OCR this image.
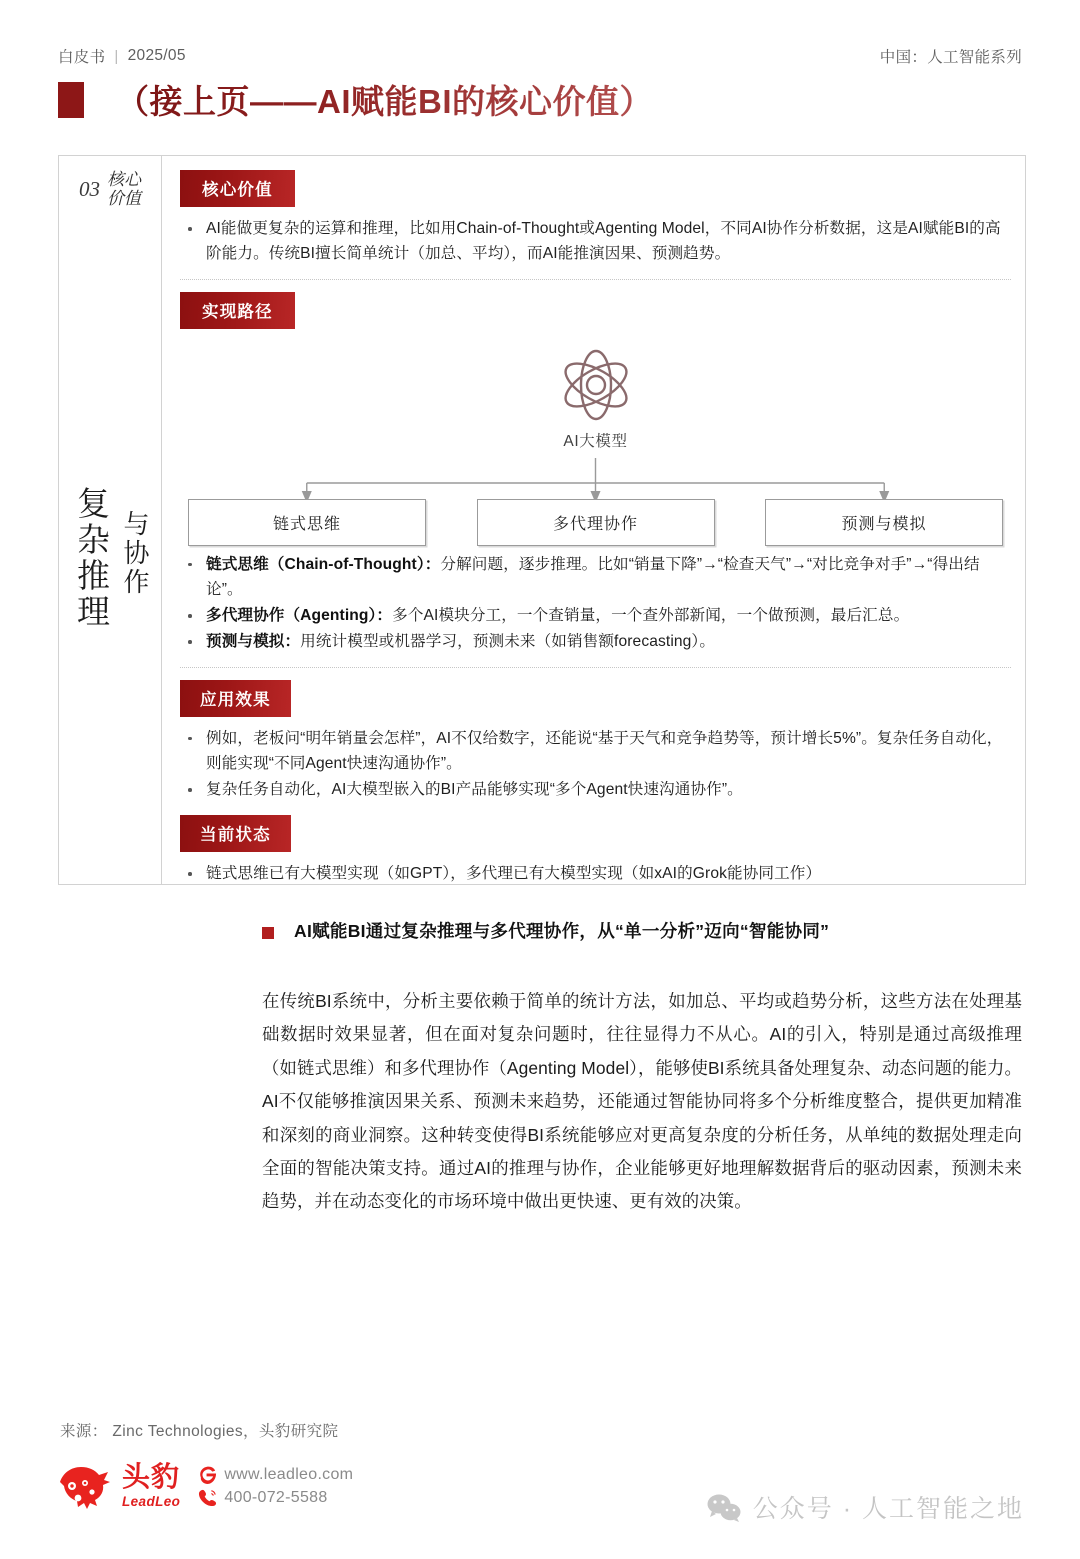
白皮书 | 2025/05	中国：人工智能系列
（接上页——AI赋能BI的核心价值）
03 核心
价值
复杂推理 与协作
核心价值
AI能做更复杂的运算和推理，比如用Chain-of-Thought或Agenting Model，不同AI协作分析数据，这是AI赋能BI的高阶能力。传统BI擅长简单统计（加总、平均），而AI能推演因果、预测趋势。
实现路径
AI大模型
链式思维	多代理协作	预测与模拟
链式思维（Chain-of-Thought）：分解问题，逐步推理。比如“销量下降”→“检查天气”→“对比竞争对手”→“得出结论”。
多代理协作（Agenting）：多个AI模块分工，一个查销量，一个查外部新闻，一个做预测，最后汇总。
预测与模拟：用统计模型或机器学习，预测未来（如销售额forecasting）。
应用效果
例如，老板问“明年销量会怎样”，AI不仅给数字，还能说“基于天气和竞争趋势等，预计增长5%”。复杂任务自动化，则能实现“不同Agent快速沟通协作”。
复杂任务自动化，AI大模型嵌入的BI产品能够实现“多个Agent快速沟通协作”。
当前状态
链式思维已有大模型实现（如GPT），多代理已有大模型实现（如xAI的Grok能协同工作）
AI赋能BI通过复杂推理与多代理协作，从“单一分析”迈向“智能协同”
在传统BI系统中，分析主要依赖于简单的统计方法，如加总、平均或趋势分析，这些方法在处理基础数据时效果显著，但在面对复杂问题时，往往显得力不从心。AI的引入，特别是通过高级推理（如链式思维）和多代理协作（Agenting Model），能够使BI系统具备处理复杂、动态问题的能力。AI不仅能够推演因果关系、预测未来趋势，还能通过智能协同将多个分析维度整合，提供更加精准和深刻的商业洞察。这种转变使得BI系统能够应对更高复杂度的分析任务，从单纯的数据处理走向全面的智能决策支持。通过AI的推理与协作，企业能够更好地理解数据背后的驱动因素，预测未来趋势，并在动态变化的市场环境中做出更快速、更有效的决策。
来源： Zinc Technologies，头豹研究院
头豹
LeadLeo
www.leadleo.com
400-072-5588	公众号 · 人工智能之地
